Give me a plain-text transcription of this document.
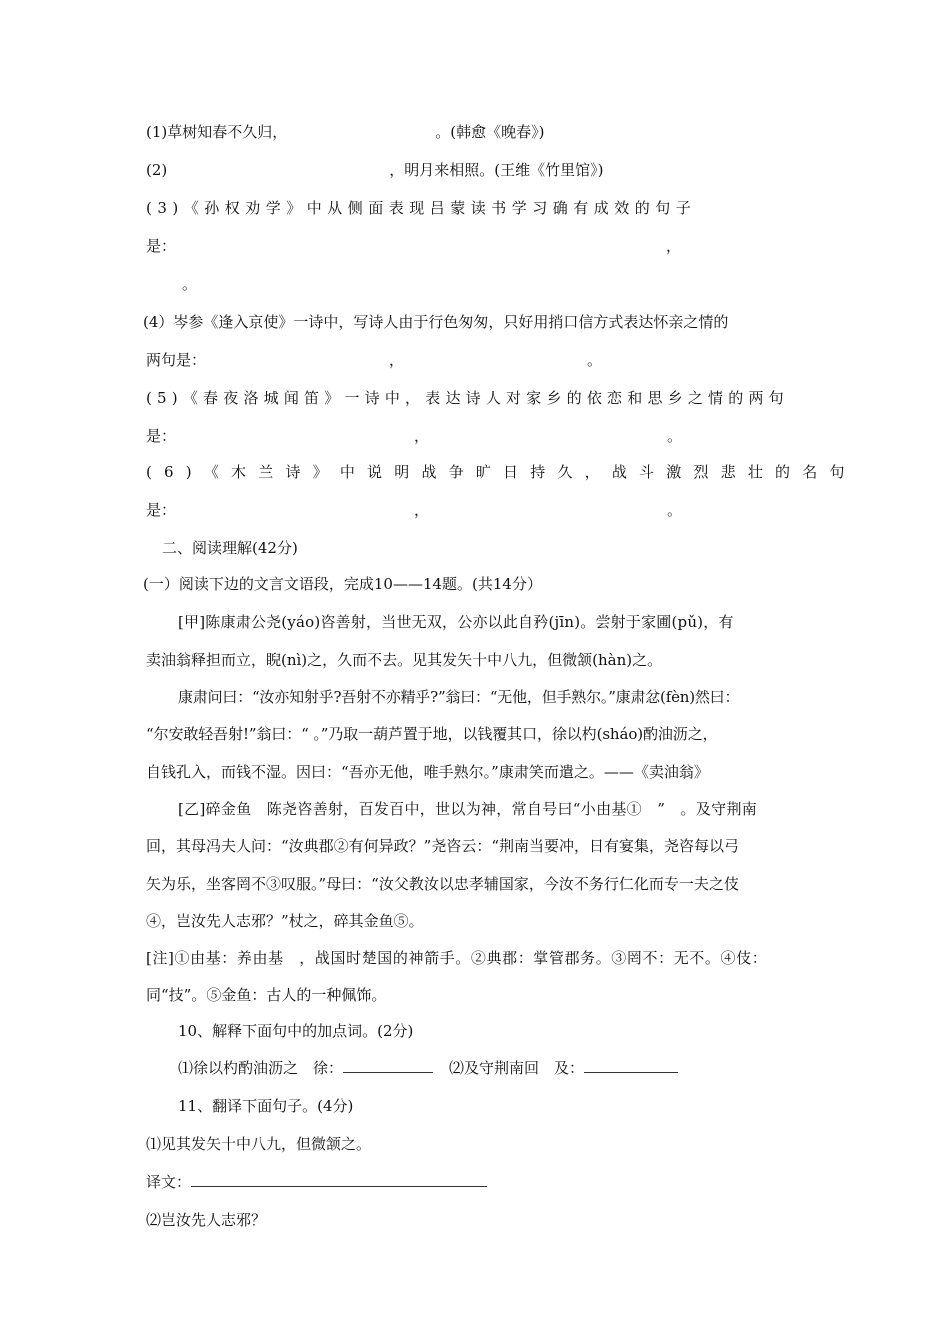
(1)草树知春不久归，	。(韩愈《晚春》)
(2)	，明月来相照。(王维《竹里馆》)
(3)《孙权劝学》中从侧面表现吕蒙读书学习确有成效的句子
是：	，
。
(4）岑参《逢入京使》一诗中，写诗人由于行色匆匆，只好用捎口信方式表达怀亲之情的
两句是：	，	。
(5)《春夜洛城闻笛》一诗中，表达诗人对家乡的依恋和思乡之情的两句
是：	，	。
(6)《木兰诗》中说明战争旷日持久，战斗激烈悲壮的名句
是：	，	。
二、阅读理解(42分)
(一）阅读下边的文言文语段，完成10——14题。(共14分）
[甲]陈康肃公尧(yáo)咨善射，当世无双，公亦以此自矜(jīn)。尝射于家圃(pǔ)，有
卖油翁释担而立，睨(nì)之，久而不去。见其发矢十中八九，但微颔(hàn)之。
康肃问曰：“汝亦知射乎?吾射不亦精乎?”翁曰：“无他，但手熟尔。”康肃忿(fèn)然曰：
“尔安敢轻吾射!”翁曰：“ 。”乃取一葫芦置于地，以钱覆其口，徐以杓(sháo)酌油沥之，
自钱孔入，而钱不湿。因曰：“吾亦无他，唯手熟尔。”康肃笑而遣之。——《卖油翁》
[乙]碎金鱼　陈尧咨善射，百发百中，世以为神，常自号曰“小由基①　”　。及守荆南
回，其母冯夫人问：“汝典郡②有何异政？”尧咨云：“荆南当要冲，日有宴集，尧咨每以弓
矢为乐，坐客罔不③叹服。”母曰：“汝父教汝以忠孝辅国家，今汝不务行仁化而专一夫之伎
④，岂汝先人志邪？”杖之，碎其金鱼⑤。
[注]①由基：养由基　，战国时楚国的神箭手。②典郡：掌管郡务。③罔不：无不。④伎：
同“技”。⑤金鱼：古人的一种佩饰。
10、解释下面句中的加点词。(2分)
⑴徐以杓酌油沥之　徐：	⑵及守荆南回　及：
11、翻译下面句子。(4分)
⑴见其发矢十中八九，但微颔之。
译文：
⑵岂汝先人志邪？
